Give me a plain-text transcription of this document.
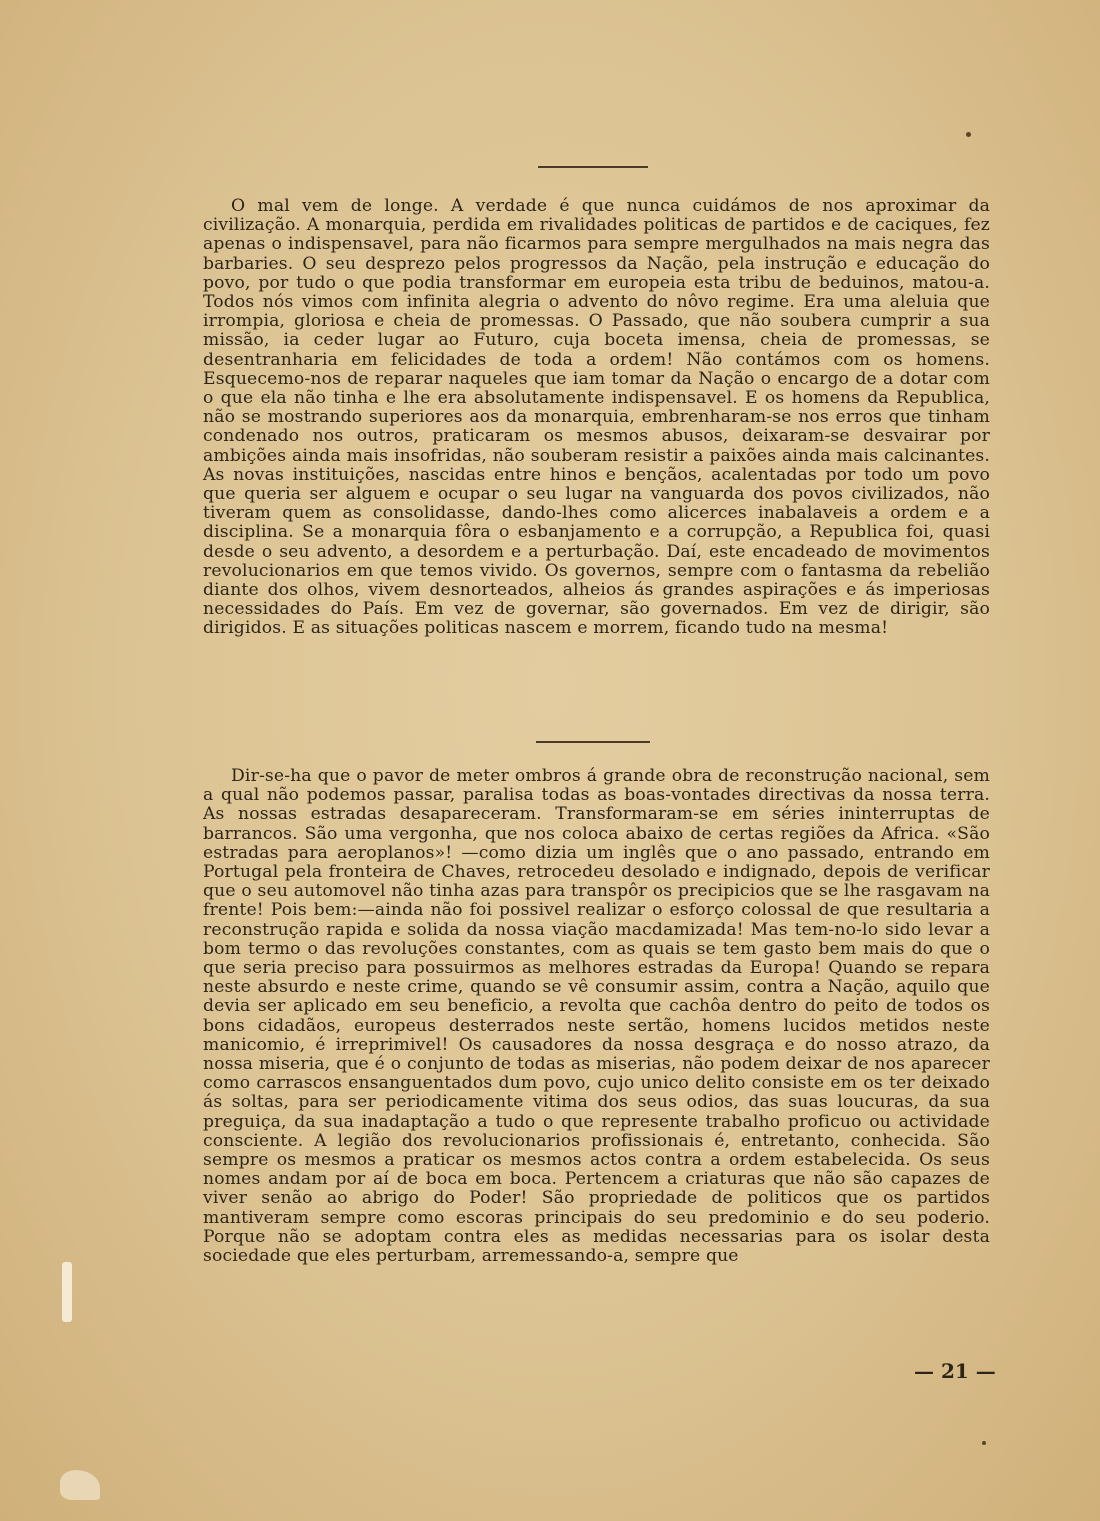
O mal vem de longe. A verdade é que nunca cuidámos de nos aproximar da civilização. A monarquia, perdida em rivalidades politicas de partidos e de caciques, fez apenas o indispensavel, para não ficarmos para sempre mergulhados na mais negra das barbaries. O seu desprezo pelos progressos da Nação, pela instrução e educação do povo, por tudo o que podia transformar em europeia esta tribu de beduinos, matou-a. Todos nós vimos com infinita alegria o advento do nôvo regime. Era uma aleluia que irrompia, gloriosa e cheia de promessas. O Passado, que não soubera cumprir a sua missão, ia ceder lugar ao Futuro, cuja boceta imensa, cheia de promessas, se desentranharia em felicidades de toda a ordem! Não contámos com os homens. Esquecemo-nos de reparar naqueles que iam tomar da Nação o encargo de a dotar com o que ela não tinha e lhe era absolutamente indispensavel. E os homens da Republica, não se mostrando superiores aos da monarquia, embrenharam-se nos erros que tinham condenado nos outros, praticaram os mesmos abusos, deixaram-se desvairar por ambições ainda mais insofridas, não souberam resistir a paixões ainda mais calcinantes. As novas instituições, nascidas entre hinos e bençãos, acalentadas por todo um povo que queria ser alguem e ocupar o seu lugar na vanguarda dos povos civilizados, não tiveram quem as consolidasse, dando-lhes como alicerces inabalaveis a ordem e a disciplina. Se a monarquia fôra o esbanjamento e a corrupção, a Republica foi, quasi desde o seu advento, a desordem e a perturbação. Daí, este encadeado de movimentos revolucionarios em que temos vivido. Os governos, sempre com o fantasma da rebelião diante dos olhos, vivem desnorteados, alheios ás grandes aspirações e ás imperiosas necessidades do País. Em vez de governar, são governados. Em vez de dirigir, são dirigidos. E as situações politicas nascem e morrem, ficando tudo na mesma!

Dir-se-ha que o pavor de meter ombros á grande obra de reconstrução nacional, sem a qual não podemos passar, paralisa todas as boas-vontades directivas da nossa terra. As nossas estradas desapareceram. Transformaram-se em séries ininterruptas de barrancos. São uma vergonha, que nos coloca abaixo de certas regiões da Africa. «São estradas para aeroplanos»! —como dizia um inglês que o ano passado, entrando em Portugal pela fronteira de Chaves, retrocedeu desolado e indignado, depois de verificar que o seu automovel não tinha azas para transpôr os precipicios que se lhe rasgavam na frente! Pois bem:—ainda não foi possivel realizar o esforço colossal de que resultaria a reconstrução rapida e solida da nossa viação macdamizada! Mas tem-no-lo sido levar a bom termo o das revoluções constantes, com as quais se tem gasto bem mais do que o que seria preciso para possuirmos as melhores estradas da Europa! Quando se repara neste absurdo e neste crime, quando se vê consumir assim, contra a Nação, aquilo que devia ser aplicado em seu beneficio, a revolta que cachôa dentro do peito de todos os bons cidadãos, europeus desterrados neste sertão, homens lucidos metidos neste manicomio, é irreprimivel! Os causadores da nossa desgraça e do nosso atrazo, da nossa miseria, que é o conjunto de todas as miserias, não podem deixar de nos aparecer como carrascos ensanguentados dum povo, cujo unico delito consiste em os ter deixado ás soltas, para ser periodicamente vitima dos seus odios, das suas loucuras, da sua preguiça, da sua inadaptação a tudo o que represente trabalho proficuo ou actividade consciente. A legião dos revolucionarios profissionais é, entretanto, conhecida. São sempre os mesmos a praticar os mesmos actos contra a ordem estabelecida. Os seus nomes andam por aí de boca em boca. Pertencem a criaturas que não são capazes de viver senão ao abrigo do Poder! São propriedade de politicos que os partidos mantiveram sempre como escoras principais do seu predominio e do seu poderio. Porque não se adoptam contra eles as medidas necessarias para os isolar desta sociedade que eles perturbam, arremessando-a, sempre que

— 21 —
